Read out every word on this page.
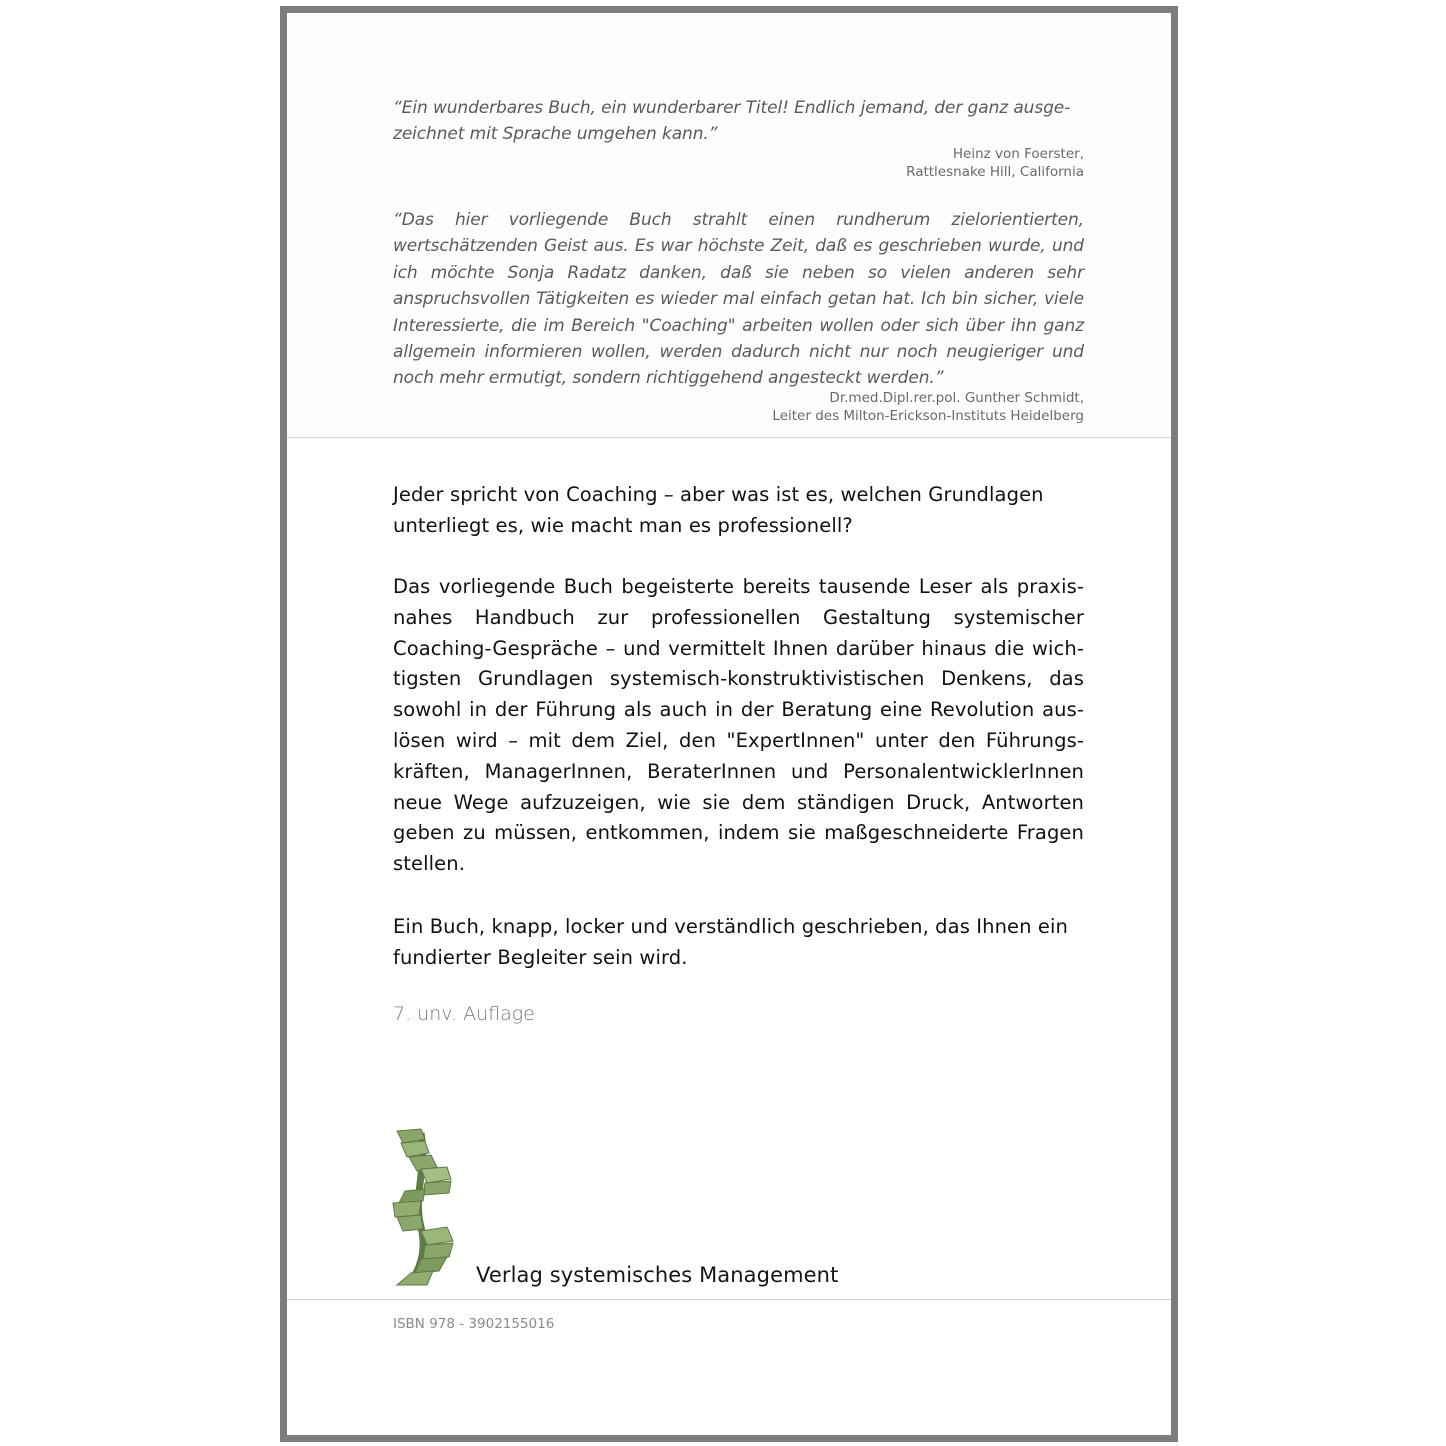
“Ein wunderbares Buch, ein wunderbarer Titel! Endlich jemand, der ganz ausge-zeichnet mit Sprache umgehen kann.”

Heinz von Foerster,
Rattlesnake Hill, California

“Das hier vorliegende Buch strahlt einen rundherum zielorientierten, wertschätzenden Geist aus. Es war höchste Zeit, daß es geschrieben wurde, und ich möchte Sonja Radatz danken, daß sie neben so vielen anderen sehr anspruchsvollen Tätigkeiten es wieder mal einfach getan hat. Ich bin sicher, viele Interessierte, die im Bereich "Coaching" arbeiten wollen oder sich über ihn ganz allgemein informieren wollen, werden dadurch nicht nur noch neugieriger und noch mehr ermutigt, sondern richtiggehend angesteckt werden.”

Dr.med.Dipl.rer.pol. Gunther Schmidt,
Leiter des Milton-Erickson-Instituts Heidelberg

Jeder spricht von Coaching – aber was ist es, welchen Grundlagen unterliegt es, wie macht man es professionell?

Das vorliegende Buch begeisterte bereits tausende Leser als praxis-nahes Handbuch zur professionellen Gestaltung systemischer Coaching-Gespräche – und vermittelt Ihnen darüber hinaus die wich-tigsten Grundlagen systemisch-konstruktivistischen Denkens, das sowohl in der Führung als auch in der Beratung eine Revolution aus-lösen wird – mit dem Ziel, den "ExpertInnen" unter den Führungs-kräften, ManagerInnen, BeraterInnen und PersonalentwicklerInnen neue Wege aufzuzeigen, wie sie dem ständigen Druck, Antworten geben zu müssen, entkommen, indem sie maßgeschneiderte Fragen stellen.

Ein Buch, knapp, locker und verständlich geschrieben, das Ihnen ein fundierter Begleiter sein wird.

7. unv. Auflage

Verlag systemisches Management

ISBN 978 - 3902155016
